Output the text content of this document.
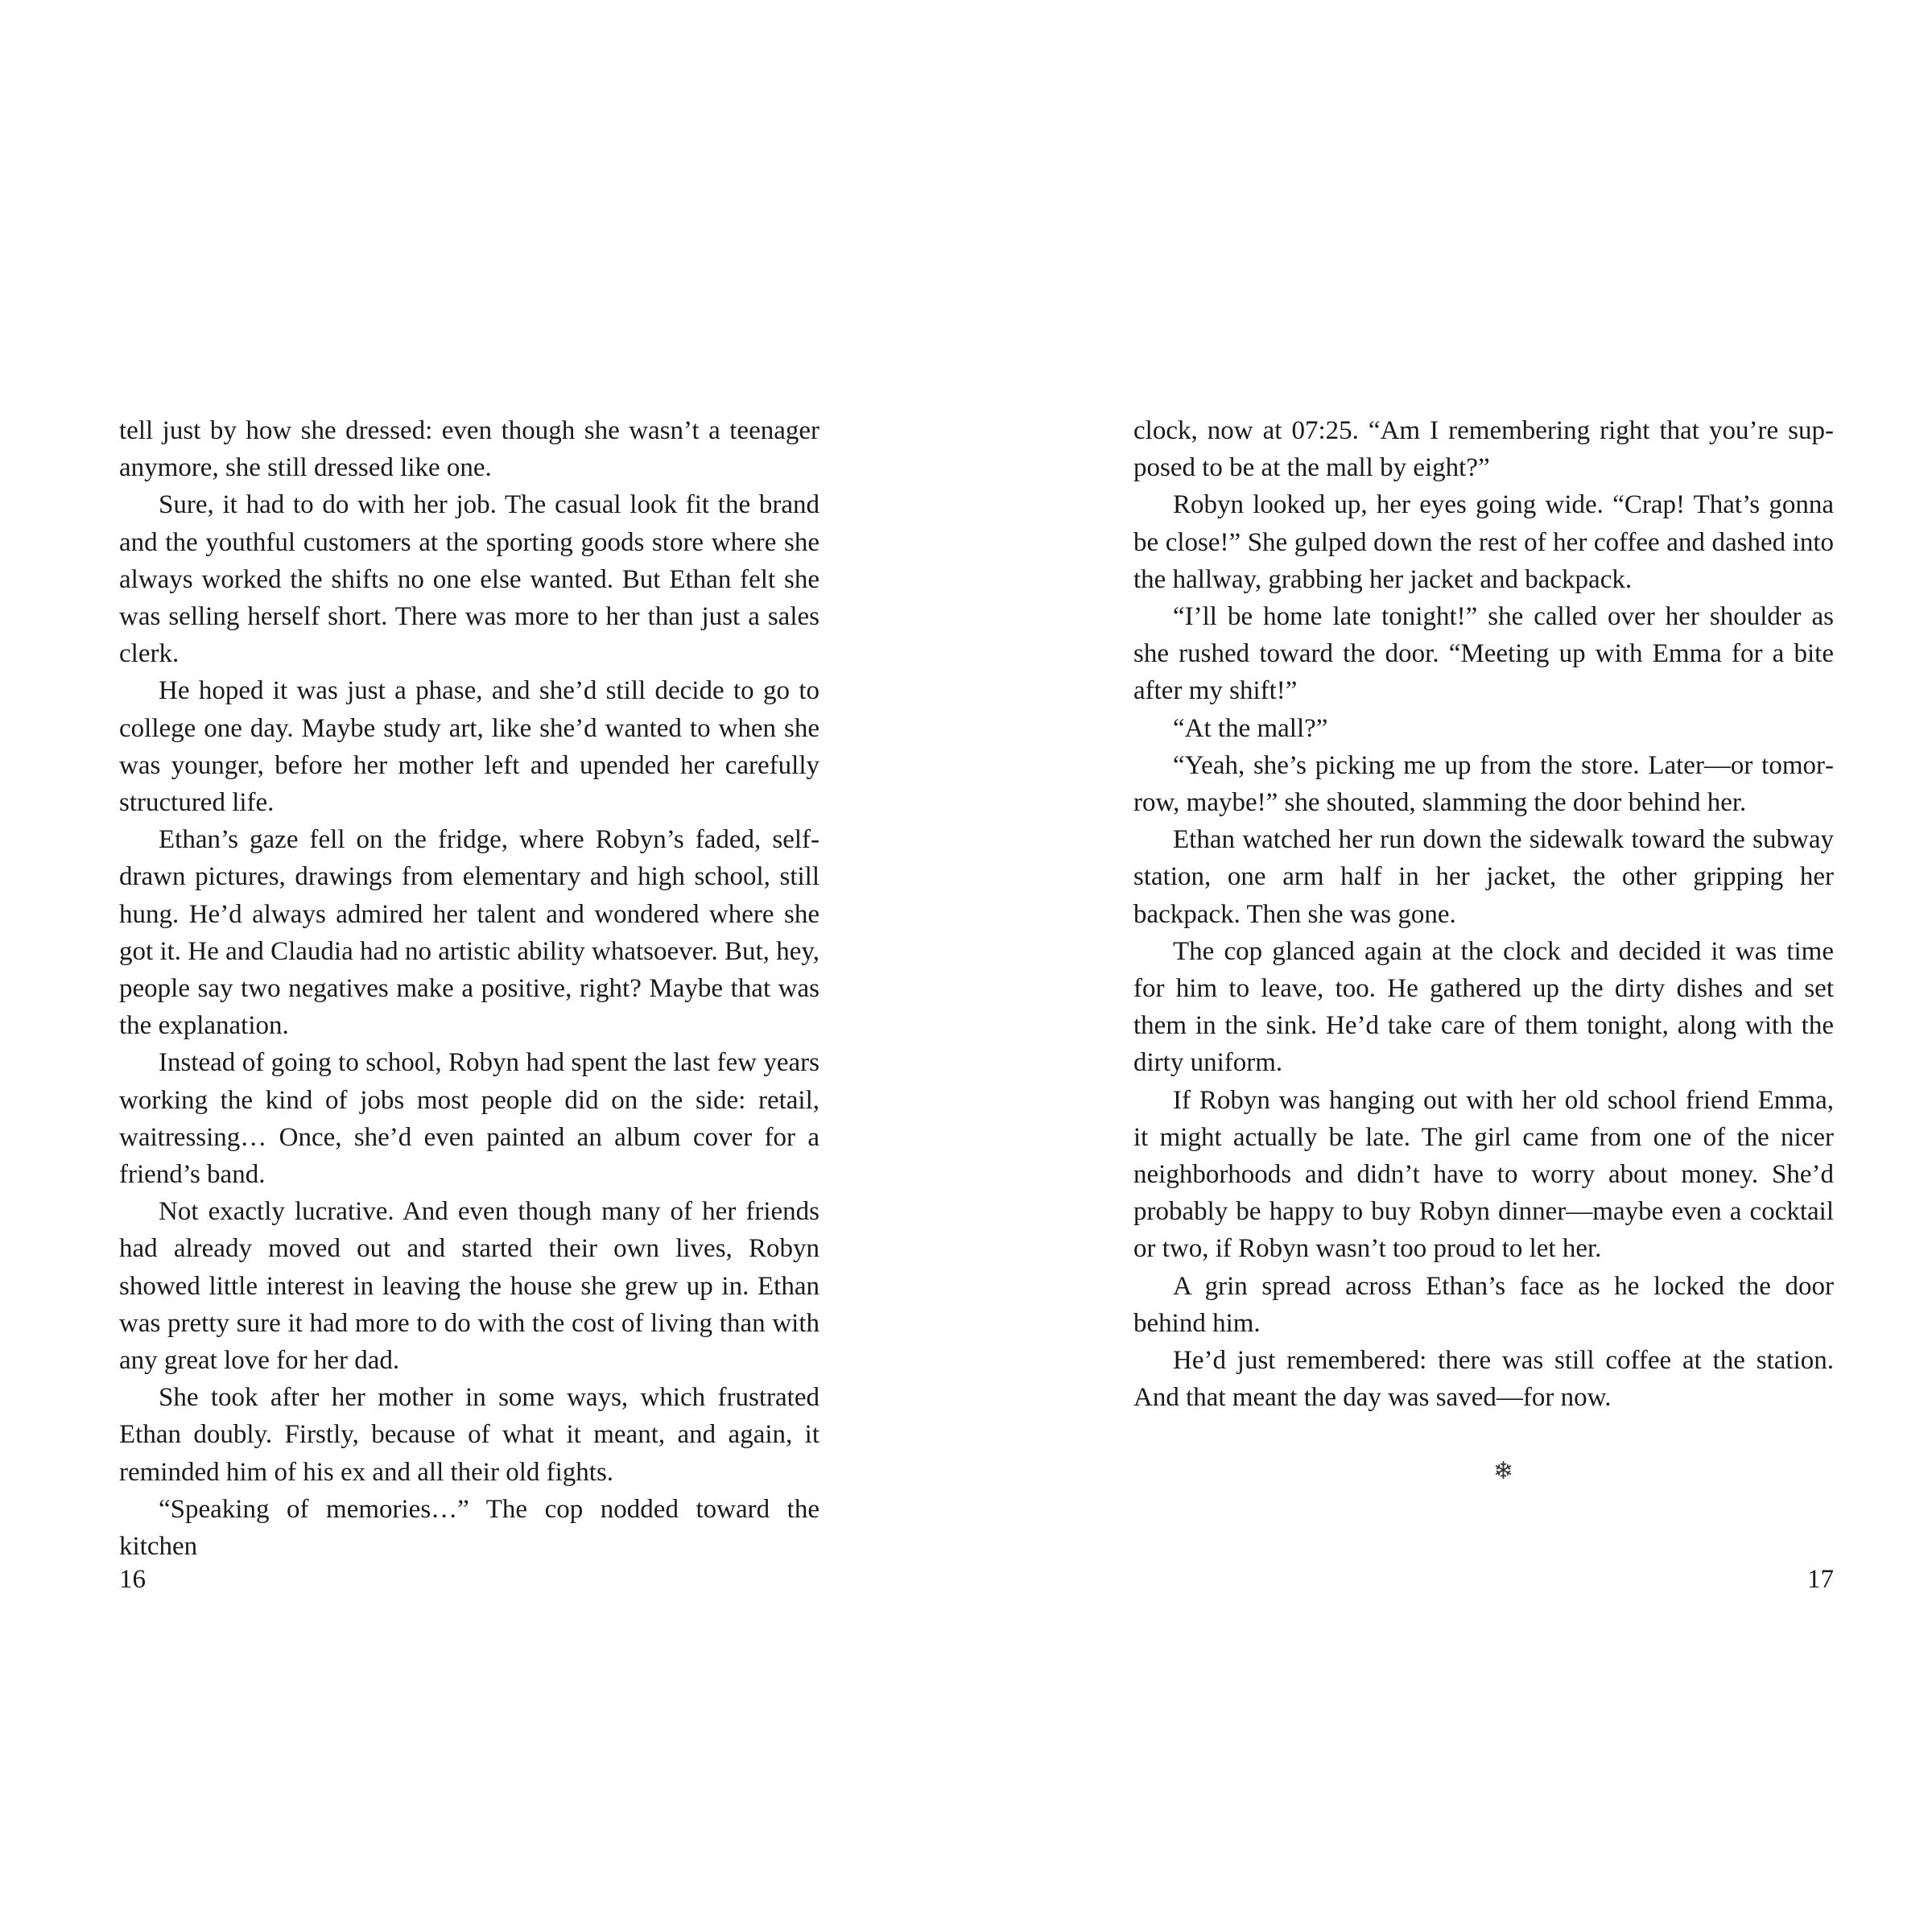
tell just by how she dressed: even though she wasn’t a teenager anymore, she still dressed like one.

Sure, it had to do with her job. The casual look fit the brand and the youthful customers at the sporting goods store where she always worked the shifts no one else wanted. But Ethan felt she was selling herself short. There was more to her than just a sales clerk.

He hoped it was just a phase, and she’d still decide to go to college one day. Maybe study art, like she’d wanted to when she was younger, before her mother left and upended her carefully structured life.

Ethan’s gaze fell on the fridge, where Robyn’s faded, self-drawn pictures, drawings from elementary and high school, still hung. He’d always admired her talent and wondered where she got it. He and Claudia had no artistic ability whatsoever. But, hey, people say two negatives make a positive, right? Maybe that was the explanation.

Instead of going to school, Robyn had spent the last few years working the kind of jobs most people did on the side: retail, waitressing… Once, she’d even painted an album cover for a friend’s band.

Not exactly lucrative. And even though many of her friends had already moved out and started their own lives, Robyn showed little interest in leaving the house she grew up in. Ethan was pretty sure it had more to do with the cost of living than with any great love for her dad.

She took after her mother in some ways, which frustrated Ethan doubly. Firstly, because of what it meant, and again, it reminded him of his ex and all their old fights.

“Speaking of memories…” The cop nodded toward the kitchen

clock, now at 07:25. “Am I remembering right that you’re supposed to be at the mall by eight?”

Robyn looked up, her eyes going wide. “Crap! That’s gonna be close!” She gulped down the rest of her coffee and dashed into the hallway, grabbing her jacket and backpack.

“I’ll be home late tonight!” she called over her shoulder as she rushed toward the door. “Meeting up with Emma for a bite after my shift!”

“At the mall?”

“Yeah, she’s picking me up from the store. Later—or tomorrow, maybe!” she shouted, slamming the door behind her.

Ethan watched her run down the sidewalk toward the subway station, one arm half in her jacket, the other gripping her backpack. Then she was gone.

The cop glanced again at the clock and decided it was time for him to leave, too. He gathered up the dirty dishes and set them in the sink. He’d take care of them tonight, along with the dirty uniform.

If Robyn was hanging out with her old school friend Emma, it might actually be late. The girl came from one of the nicer neighborhoods and didn’t have to worry about money. She’d probably be happy to buy Robyn dinner—maybe even a cocktail or two, if Robyn wasn’t too proud to let her.

A grin spread across Ethan’s face as he locked the door behind him.

He’d just remembered: there was still coffee at the station. And that meant the day was saved—for now.

❄
16	17
